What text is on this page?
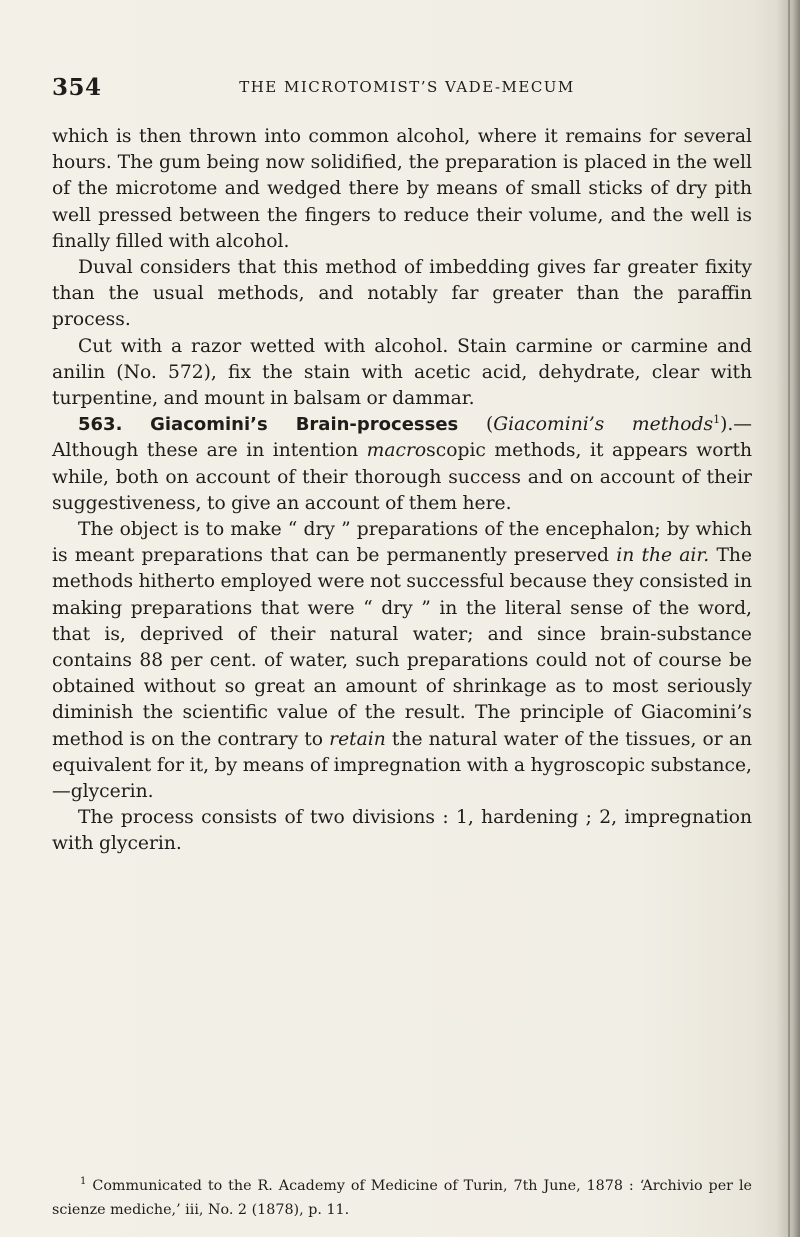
354	THE MICROTOMIST’S VADE-MECUM

which is then thrown into common alcohol, where it remains for several hours. The gum being now solidified, the preparation is placed in the well of the microtome and wedged there by means of small sticks of dry pith well pressed between the fingers to reduce their volume, and the well is finally filled with alcohol.

Duval considers that this method of imbedding gives far greater fixity than the usual methods, and notably far greater than the paraffin process.

Cut with a razor wetted with alcohol. Stain carmine or carmine and anilin (No. 572), fix the stain with acetic acid, dehydrate, clear with turpentine, and mount in balsam or dammar.

563. Giacomini’s Brain-processes (Giacomini’s methods$^1$).— Although these are in intention macroscopic methods, it appears worth while, both on account of their thorough success and on account of their suggestiveness, to give an account of them here.

The object is to make “ dry ” preparations of the encephalon; by which is meant preparations that can be permanently preserved in the air. The methods hitherto employed were not successful because they consisted in making preparations that were “ dry ” in the literal sense of the word, that is, deprived of their natural water; and since brain-substance contains 88 per cent. of water, such preparations could not of course be obtained without so great an amount of shrinkage as to most seriously diminish the scientific value of the result. The principle of Giacomini’s method is on the contrary to retain the natural water of the tissues, or an equivalent for it, by means of impregnation with a hygroscopic substance,—glycerin.

The process consists of two divisions : 1, hardening ; 2, impregnation with glycerin.

$^1$ Communicated to the R. Academy of Medicine of Turin, 7th June, 1878 : ‘Archivio per le scienze mediche,’ iii, No. 2 (1878), p. 11.
